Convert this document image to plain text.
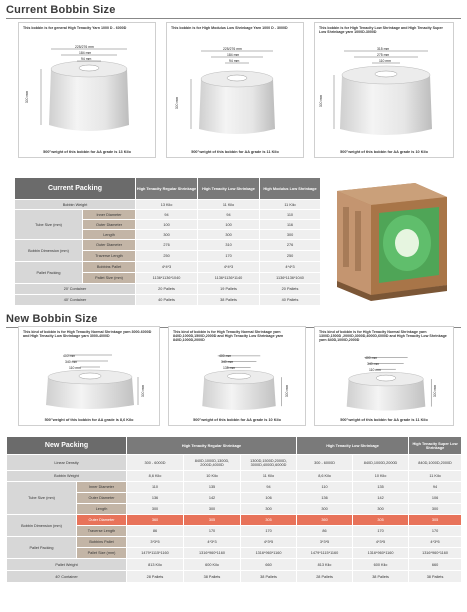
Current Bobbin Size
This bobbin is for general High Tenacity Yarn 1000 D - 6000D
225/276 mm
184 mm
94 mm
300 mm
500"weight of this bobbin for AA grade is 13 Kilo
This bobbin is for High Modulus Low Shrinkage Yarn 1000 D - 3000D
225/276 mm
184 mm
94 mm
300 mm
500"weight of this bobbin for AA grade is 11 Kilo
This bobbin is for High Tenacity Low Shrinkage and High Tenacity Super Low Shrinkage yarn 1000D-3000D
315 mm
275 mm
110 mm
300 mm
500"weight of this bobbin for AA grade is 10 Kilo
Current Packing		High Tenacity Regular Shrinkage	High Tenacity Low Shrinkage	High Modulus Low Shrinkage
Bobbin Weight		13 Kilo	11 Kilo	11 Kilo
Tube Size (mm)	Inner Diameter	94	94	110
	Outer Diameter	100	100	116
	Length	300	300	300
Bobbin Dimension (mm)	Outer Diameter	276	310	276
	Traverse Length	250	170	250
Pallet Packing	Bobbins Pallet	4*4*3	4*4*3	4*4*3
	Pallet Size (mm)	1136*1136*1040	1136*1136*1140	1136*1136*1040
20' Container		20 Pallets	19 Pallets	20 Pallets
40' Container		40 Pallets	38 Pallets	40 Pallets
New Bobbin Size
This kind of bobbin is for High Tenacity Normal Shrinkage yarn 3000-6000D and High Tenacity Low Shrinkage yarn 3000-4000D
400 mm
340 mm
110 mm
300 mm
500"weight of this bobbin for AA grade is 8,6 Kilo
This kind of bobbin is for High Tenacity Normal Shrinkage yarn 840D,1000D,1500D,2000D and High Tenacity Low Shrinkage yarn 840D,1000D,2000D
400 mm
340 mm
135 mm
300 mm
500"weight of this bobbin for AA grade is 10 Kilo
This kind of bobbin is for High Tenacity Normal Shrinkage yarn 1300D,1500D ,2000D,3000D,4000D,6000D and High Tenacity Low Shrinkage yarn 840D,1000D,2000D
400 mm
340 mm
110 mm
300 mm
500"weight of this bobbin for AA grade is 11 Kilo
New Packing		High Tenacity Regular Shrinkage			High Tenacity Low Shrinkage		High Tenacity Super Low Shrinkage
Linear Density		300 - 6000D	840D,1000D,1300D, 2000D,4000D	1300D,1500D,2000D, 3000D,4000D,6000D	300 - 6000D	840D,1000D,2000D	840D,1000D,2000D
Bobbin Weight		8,6 Kilo	10 Kilo	11 Kilo	8,6 Kilo	10 Kilo	11 Kilo
Tube Size (mm)	Inner Diameter	110	135	94	110	135	94
	Outer Diameter	136	142	106	136	142	106
	Length	300	300	300	300	300	300
Bobbin Dimension (mm)	Outer Diameter	360	305	305	360	305	305
	Traverse Length	86	170	170	86	170	170
Pallet Packing	Bobbins Pallet	3*3*5	4*3*3	4*3*5	3*3*5	4*3*5	4*3*5
	Pallet Size (mm)	1479*1115*1160	1316*960*1160	1316*960*1160	1479*1115*1160	1316*960*1160	1316*960*1160
Pallet Weight		813 Kilo	600 Kilo	660	813 Kilo	600 Kilo	660
40' Container		28 Pallets	38 Pallets	38 Pallets	28 Pallets	38 Pallets	38 Pallets
